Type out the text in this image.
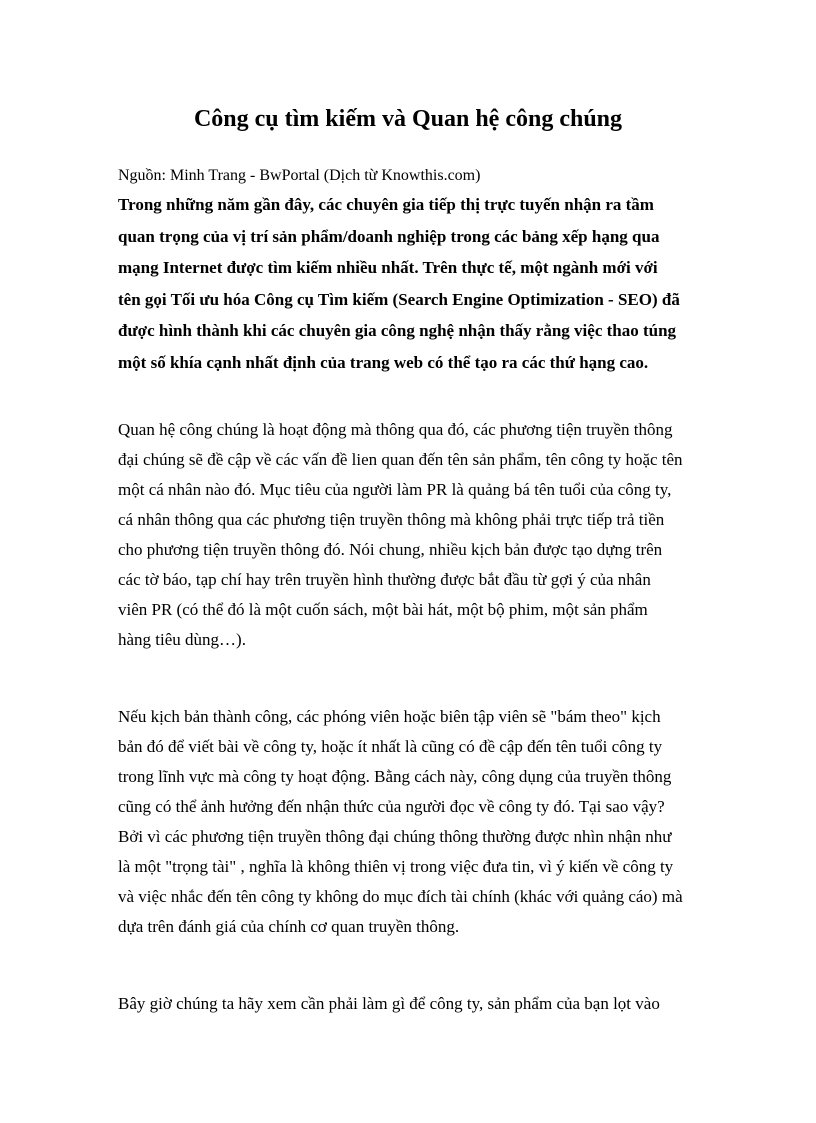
Công cụ tìm kiếm và Quan hệ công chúng

Nguồn: Minh Trang - BwPortal (Dịch từ Knowthis.com)

Trong những năm gần đây, các chuyên gia tiếp thị trực tuyến nhận ra tầm
quan trọng của vị trí sản phẩm/doanh nghiệp trong các bảng xếp hạng qua
mạng Internet được tìm kiếm nhiều nhất. Trên thực tế, một ngành mới với
tên gọi Tối ưu hóa Công cụ Tìm kiếm (Search Engine Optimization - SEO) đã
được hình thành khi các chuyên gia công nghệ nhận thấy rằng việc thao túng
một số khía cạnh nhất định của trang web có thể tạo ra các thứ hạng cao.

Quan hệ công chúng là hoạt động mà thông qua đó, các phương tiện truyền thông
đại chúng sẽ đề cập về các vấn đề lien quan đến tên sản phẩm, tên công ty hoặc tên
một cá nhân nào đó. Mục tiêu của người làm PR là quảng bá tên tuổi của công ty,
cá nhân thông qua các phương tiện truyền thông mà không phải trực tiếp trả tiền
cho phương tiện truyền thông đó. Nói chung, nhiều kịch bản được tạo dựng trên
các tờ báo, tạp chí hay trên truyền hình thường được bắt đầu từ gợi ý của nhân
viên PR (có thể đó là một cuốn sách, một bài hát, một bộ phim, một sản phẩm
hàng tiêu dùng…).

Nếu kịch bản thành công, các phóng viên hoặc biên tập viên sẽ "bám theo" kịch
bản đó để viết bài về công ty, hoặc ít nhất là cũng có đề cập đến tên tuổi công ty
trong lĩnh vực mà công ty hoạt động. Bằng cách này, công dụng của truyền thông
cũng có thể ảnh hưởng đến nhận thức của người đọc về công ty đó. Tại sao vậy?
Bởi vì các phương tiện truyền thông đại chúng thông thường được nhìn nhận như
là một "trọng tài" , nghĩa là không thiên vị trong việc đưa tin, vì ý kiến về công ty
và việc nhắc đến tên công ty không do mục đích tài chính (khác với quảng cáo) mà
dựa trên đánh giá của chính cơ quan truyền thông.

Bây giờ chúng ta hãy xem cần phải làm gì để công ty, sản phẩm của bạn lọt vào
